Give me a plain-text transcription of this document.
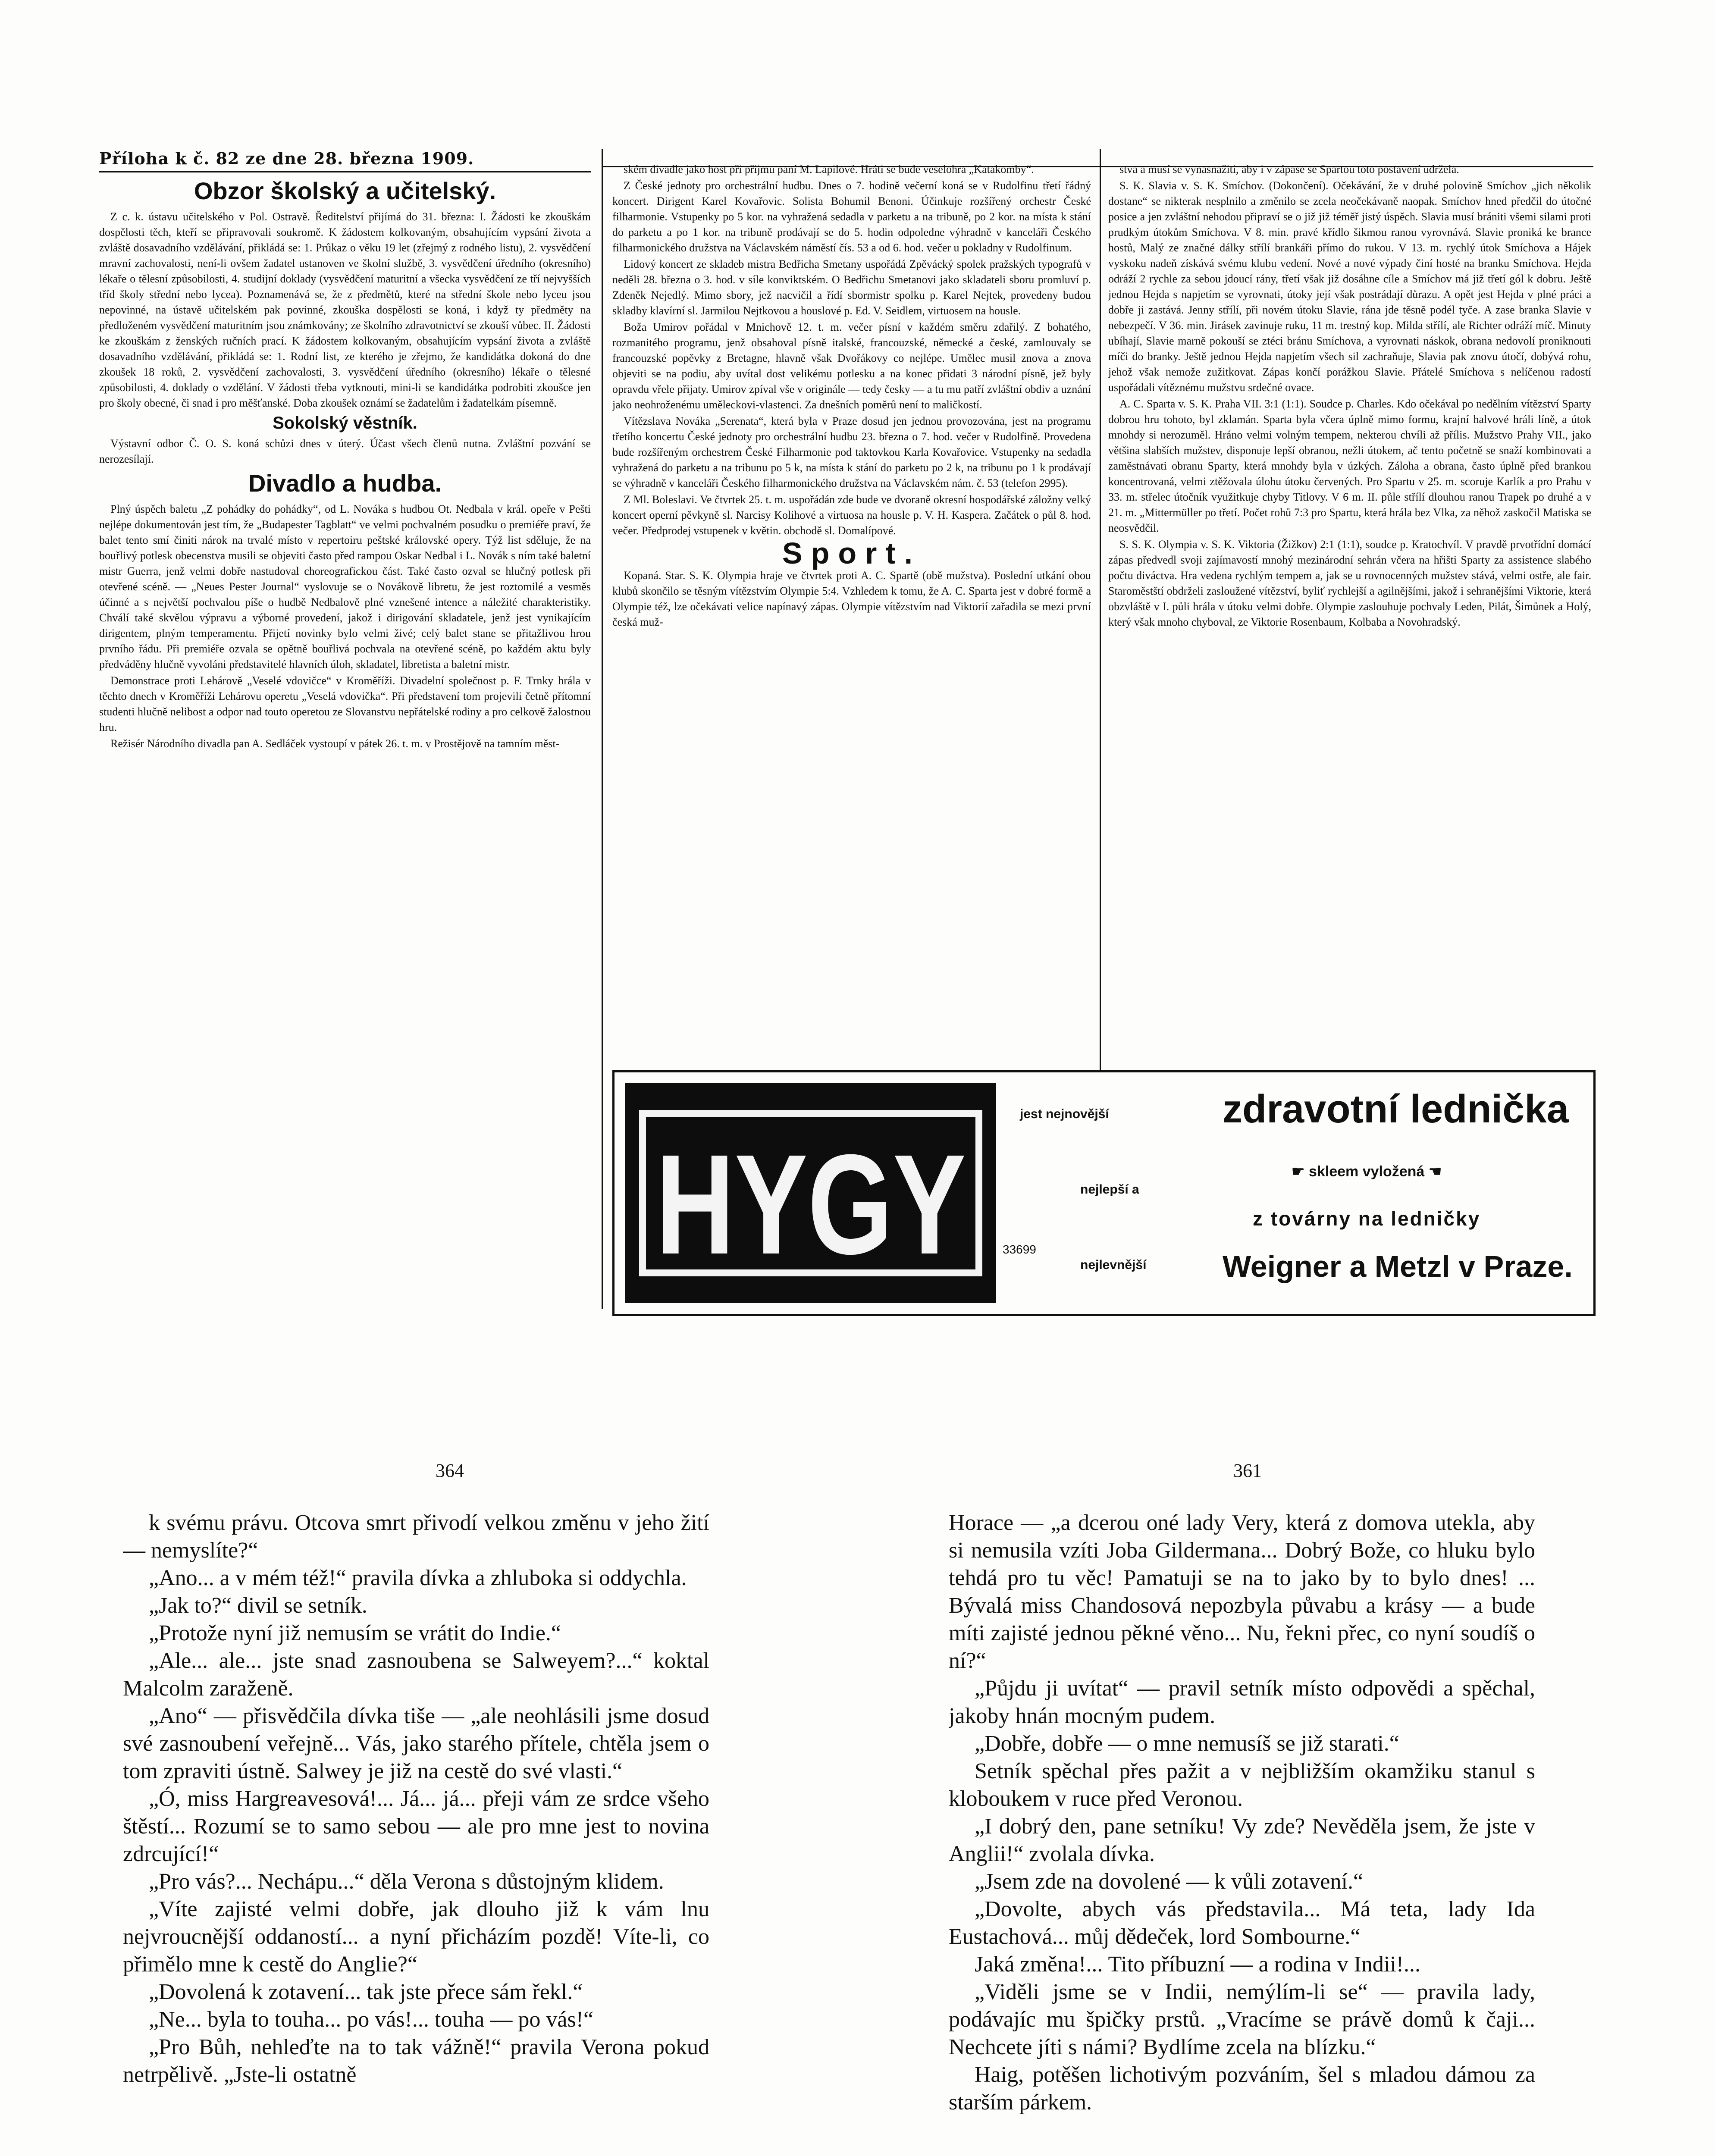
Příloha k č. 82 ze dne 28. března 1909.
Obzor školský a učitelský.

Z c. k. ústavu učitelského v Pol. Ostravě. Ředitelství přijímá do 31. března: I. Žádosti ke zkouškám dospělosti těch, kteří se připravovali soukromě. K žádostem kolkovaným, obsahujícím vypsání života a zvláště dosavadního vzdělávání, přikládá se: 1. Průkaz o věku 19 let (zřejmý z rodného listu), 2. vysvědčení mravní zachovalosti, není-li ovšem žadatel ustanoven ve školní službě, 3. vysvědčení úředního (okresního) lékaře o tělesní způsobilosti, 4. studijní doklady (vysvědčení maturitní a všecka vysvědčení ze tří nejvyšších tříd školy střední nebo lycea). Poznamenává se, že z předmětů, které na střední škole nebo lyceu jsou nepovinné, na ústavě učitelském pak povinné, zkouška dospělosti se koná, i když ty předměty na předloženém vysvědčení maturitním jsou známkovány; ze školního zdravotnictví se zkouší vůbec. II. Žádosti ke zkouškám z ženských ručních prací. K žádostem kolkovaným, obsahujícím vypsání života a zvláště dosavadního vzdělávání, přikládá se: 1. Rodní list, ze kterého je zřejmo, že kandidátka dokoná do dne zkoušek 18 roků, 2. vysvědčení zachovalosti, 3. vysvědčení úředního (okresního) lékaře o tělesné způsobilosti, 4. doklady o vzdělání. V žádosti třeba vytknouti, mini-li se kandidátka podrobiti zkoušce jen pro školy obecné, či snad i pro měšťanské. Doba zkoušek oznámí se žadatelům i žadatelkám písemně.

Sokolský věstník.

Výstavní odbor Č. O. S. koná schůzi dnes v úterý. Účast všech členů nutna. Zvláštní pozvání se nerozesílají.

Divadlo a hudba.

Plný úspěch baletu „Z pohádky do pohádky“, od L. Nováka s hudbou Ot. Nedbala v král. opeře v Pešti nejlépe dokumentován jest tím, že „Budapester Tagblatt“ ve velmi pochvalném posudku o premiéře praví, že balet tento smí činiti nárok na trvalé místo v repertoiru peštské královské opery. Týž list sděluje, že na bouřlivý potlesk obecenstva musili se objeviti často před rampou Oskar Nedbal i L. Novák s ním také baletní mistr Guerra, jenž velmi dobře nastudoval choreografickou část. Také často ozval se hlučný potlesk při otevřené scéně. — „Neues Pester Journal“ vyslovuje se o Novákově libretu, že jest roztomilé a vesměs účinné a s největší pochvalou píše o hudbě Nedbalově plné vznešené intence a náležité charakteristiky. Chválí také skvělou výpravu a výborné provedení, jakož i dirigování skladatele, jenž jest vynikajícím dirigentem, plným temperamentu. Přijetí novinky bylo velmi živé; celý balet stane se přitažlivou hrou prvního řádu. Při premiéře ozvala se opětně bouřlivá pochvala na otevřené scéně, po každém aktu byly předváděny hlučně vyvoláni představitelé hlavních úloh, skladatel, libretista a baletní mistr.

Demonstrace proti Lehárově „Veselé vdovičce“ v Kroměříži. Divadelní společnost p. F. Trnky hrála v těchto dnech v Kroměříži Lehárovu operetu „Veselá vdovička“. Při představení tom projevili četně přítomní studenti hlučně nelibost a odpor nad touto operetou ze Slovanstvu nepřátelské rodiny a pro celkově žalostnou hru.

Režisér Národního divadla pan A. Sedláček vystoupí v pátek 26. t. m. v Prostějově na tamním měst-

ském divadle jako host při přijmu paní M. Lapilové. Hráti se bude veselohra „Katakomby“.

Z České jednoty pro orchestrální hudbu. Dnes o 7. hodině večerní koná se v Rudolfinu třetí řádný koncert. Dirigent Karel Kovařovic. Solista Bohumil Benoni. Účinkuje rozšířený orchestr České filharmonie. Vstupenky po 5 kor. na vyhražená sedadla v parketu a na tribuně, po 2 kor. na místa k stání do parketu a po 1 kor. na tribuně prodávají se do 5. hodin odpoledne výhradně v kanceláři Českého filharmonického družstva na Václavském náměstí čís. 53 a od 6. hod. večer u pokladny v Rudolfinum.

Lidový koncert ze skladeb mistra Bedřicha Smetany uspořádá Zpěvácký spolek pražských typografů v neděli 28. března o 3. hod. v síle konviktském. O Bedřichu Smetanovi jako skladateli sboru promluví p. Zdeněk Nejedlý. Mimo sbory, jež nacvičil a řídí sbormistr spolku p. Karel Nejtek, provedeny budou skladby klavírní sl. Jarmilou Nejtkovou a houslové p. Ed. V. Seidlem, virtuosem na housle.

Boža Umirov pořádal v Mnichově 12. t. m. večer písní v každém směru zdařilý. Z bohatého, rozmanitého programu, jenž obsahoval písně italské, francouzské, německé a české, zamlouvaly se francouzské popěvky z Bretagne, hlavně však Dvořákovy co nejlépe. Umělec musil znova a znova objeviti se na podiu, aby uvítal dost velikému potlesku a na konec přidati 3 národní písně, jež byly opravdu vřele přijaty. Umirov zpíval vše v originále — tedy česky — a tu mu patří zvláštní obdiv a uznání jako neohroženému uměleckovi-vlastenci. Za dnešních poměrů není to maličkostí.

Vítězslava Nováka „Serenata“, která byla v Praze dosud jen jednou provozována, jest na programu třetího koncertu České jednoty pro orchestrální hudbu 23. března o 7. hod. večer v Rudolfině. Provedena bude rozšířeným orchestrem České Filharmonie pod taktovkou Karla Kovařovice. Vstupenky na sedadla vyhražená do parketu a na tribunu po 5 k, na místa k stání do parketu po 2 k, na tribunu po 1 k prodávají se výhradně v kanceláři Českého filharmonického družstva na Václavském nám. č. 53 (telefon 2995).

Z Ml. Boleslavi. Ve čtvrtek 25. t. m. uspořádán zde bude ve dvoraně okresní hospodářské záložny velký koncert operní pěvkyně sl. Narcisy Kolihové a virtuosa na housle p. V. H. Kaspera. Začátek o půl 8. hod. večer. Předprodej vstupenek v květin. obchodě sl. Domalípové.

Sport.

Kopaná. Star. S. K. Olympia hraje ve čtvrtek proti A. C. Spartě (obě mužstva). Poslední utkání obou klubů skončilo se těsným vítězstvím Olympie 5:4. Vzhledem k tomu, že A. C. Sparta jest v dobré formě a Olympie též, lze očekávati velice napínavý zápas. Olympie vítězstvím nad Viktorií zařadila se mezi první česká muž-

stva a musí se vynasnažiti, aby i v zápase se Spartou toto postavení udržela.

S. K. Slavia v. S. K. Smíchov. (Dokončení). Očekávání, že v druhé polovině Smíchov „jich několik dostane“ se nikterak nesplnilo a změnilo se zcela neočekávaně naopak. Smíchov hned předčil do útočné posice a jen zvláštní nehodou připraví se o již již téměř jistý úspěch. Slavia musí brániti všemi silami proti prudkým útokům Smíchova. V 8. min. pravé křídlo šikmou ranou vyrovnává. Slavie proniká ke brance hostů, Malý ze značné dálky střílí brankáři přímo do rukou. V 13. m. rychlý útok Smíchova a Hájek vyskoku nadeň získává svému klubu vedení. Nové a nové výpady činí hosté na branku Smíchova. Hejda odráží 2 rychle za sebou jdoucí rány, třetí však již dosáhne cíle a Smíchov má již třetí gól k dobru. Ještě jednou Hejda s napjetím se vyrovnati, útoky její však postrádají důrazu. A opět jest Hejda v plné práci a dobře ji zastává. Jenny střílí, při novém útoku Slavie, rána jde těsně podél tyče. A zase branka Slavie v nebezpečí. V 36. min. Jirásek zavinuje ruku, 11 m. trestný kop. Milda střílí, ale Richter odráží míč. Minuty ubíhají, Slavie marně pokouší se ztéci bránu Smíchova, a vyrovnati náskok, obrana nedovolí proniknouti míči do branky. Ještě jednou Hejda napjetím všech sil zachraňuje, Slavia pak znovu útočí, dobývá rohu, jehož však nemože zužitkovat. Zápas končí porážkou Slavie. Přátelé Smíchova s nelíčenou radostí uspořádali vítěznému mužstvu srdečné ovace.

A. C. Sparta v. S. K. Praha VII. 3:1 (1:1). Soudce p. Charles. Kdo očekával po nedělním vítězství Sparty dobrou hru tohoto, byl zklamán. Sparta byla včera úplně mimo formu, krajní halvové hráli líně, a útok mnohdy si nerozuměl. Hráno velmi volným tempem, nekterou chvíli až přílis. Mužstvo Prahy VII., jako většina slabších mužstev, disponuje lepší obranou, nežli útokem, ač tento početně se snaží kombinovati a zaměstnávati obranu Sparty, která mnohdy byla v úzkých. Záloha a obrana, často úplně před brankou koncentrovaná, velmi ztěžovala úlohu útoku červených. Pro Spartu v 25. m. scoruje Karlík a pro Prahu v 33. m. střelec útočník využitkuje chyby Titlovy. V 6 m. II. půle střílí dlouhou ranou Trapek po druhé a v 21. m. „Mittermüller po třetí. Počet rohů 7:3 pro Spartu, která hrála bez Vlka, za něhož zaskočil Matiska se neosvědčil.

S. S. K. Olympia v. S. K. Viktoria (Žižkov) 2:1 (1:1), soudce p. Kratochvíl. V pravdě prvotřídní domácí zápas předvedl svoji zajímavostí mnohý mezinárodní sehrán včera na hřišti Sparty za assistence slabého počtu diváctva. Hra vedena rychlým tempem a, jak se u rovnocenných mužstev stává, velmi ostře, ale fair. Staroměstští obdrželi zasloužené vítězství, byliť rychlejší a agilnějšími, jakož i sehranějšími Viktorie, která obzvláště v I. půli hrála v útoku velmi dobře. Olympie zaslouhuje pochvaly Leden, Pilát, Šimůnek a Holý, který však mnoho chyboval, ze Viktorie Rosenbaum, Kolbaba a Novohradský.

HYGY
jest nejnovější
nejlepší a
33699
nejlevnější
zdravotní lednička
☛ skleem vyložená ☚
z továrny na ledničky
Weigner a Metzl v Praze.
364	361

k svému právu. Otcova smrt přivodí velkou změnu v jeho žití — nemyslíte?“

„Ano... a v mém též!“ pravila dívka a zhluboka si oddychla.

„Jak to?“ divil se setník.

„Protože nyní již nemusím se vrátit do Indie.“

„Ale... ale... jste snad zasnoubena se Salweyem?...“ koktal Malcolm zaraženě.

„Ano“ — přisvědčila dívka tiše — „ale neohlásili jsme dosud své zasnoubení veřejně... Vás, jako starého přítele, chtěla jsem o tom zpraviti ústně. Salwey je již na cestě do své vlasti.“

„Ó, miss Hargreavesová!... Já... já... přeji vám ze srdce všeho štěstí... Rozumí se to samo sebou — ale pro mne jest to novina zdrcující!“

„Pro vás?... Nechápu...“ děla Verona s důstojným klidem.

„Víte zajisté velmi dobře, jak dlouho již k vám lnu nejvroucnější oddaností... a nyní přicházím pozdě! Víte-li, co přimělo mne k cestě do Anglie?“

„Dovolená k zotavení... tak jste přece sám řekl.“

„Ne... byla to touha... po vás!... touha — po vás!“

„Pro Bůh, nehleďte na to tak vážně!“ pravila Verona pokud netrpělivě. „Jste-li ostatně

Horace — „a dcerou oné lady Very, která z domova utekla, aby si nemusila vzíti Joba Gildermana... Dobrý Bože, co hluku bylo tehdá pro tu věc! Pamatuji se na to jako by to bylo dnes! ... Bývalá miss Chandosová nepozbyla půvabu a krásy — a bude míti zajisté jednou pěkné věno... Nu, řekni přec, co nyní soudíš o ní?“

„Půjdu ji uvítat“ — pravil setník místo odpovědi a spěchal, jakoby hnán mocným pudem.

„Dobře, dobře — o mne nemusíš se již starati.“

Setník spěchal přes pažit a v nejbližším okamžiku stanul s kloboukem v ruce před Veronou.

„I dobrý den, pane setníku! Vy zde? Nevěděla jsem, že jste v Anglii!“ zvolala dívka.

„Jsem zde na dovolené — k vůli zotavení.“

„Dovolte, abych vás představila... Má teta, lady Ida Eustachová... můj dědeček, lord Sombourne.“

Jaká změna!... Tito příbuzní — a rodina v Indii!...

„Viděli jsme se v Indii, nemýlím-li se“ — pravila lady, podávajíc mu špičky prstů. „Vracíme se právě domů k čaji... Nechcete jíti s námi? Bydlíme zcela na blízku.“

Haig, potěšen lichotivým pozváním, šel s mladou dámou za starším párkem.
